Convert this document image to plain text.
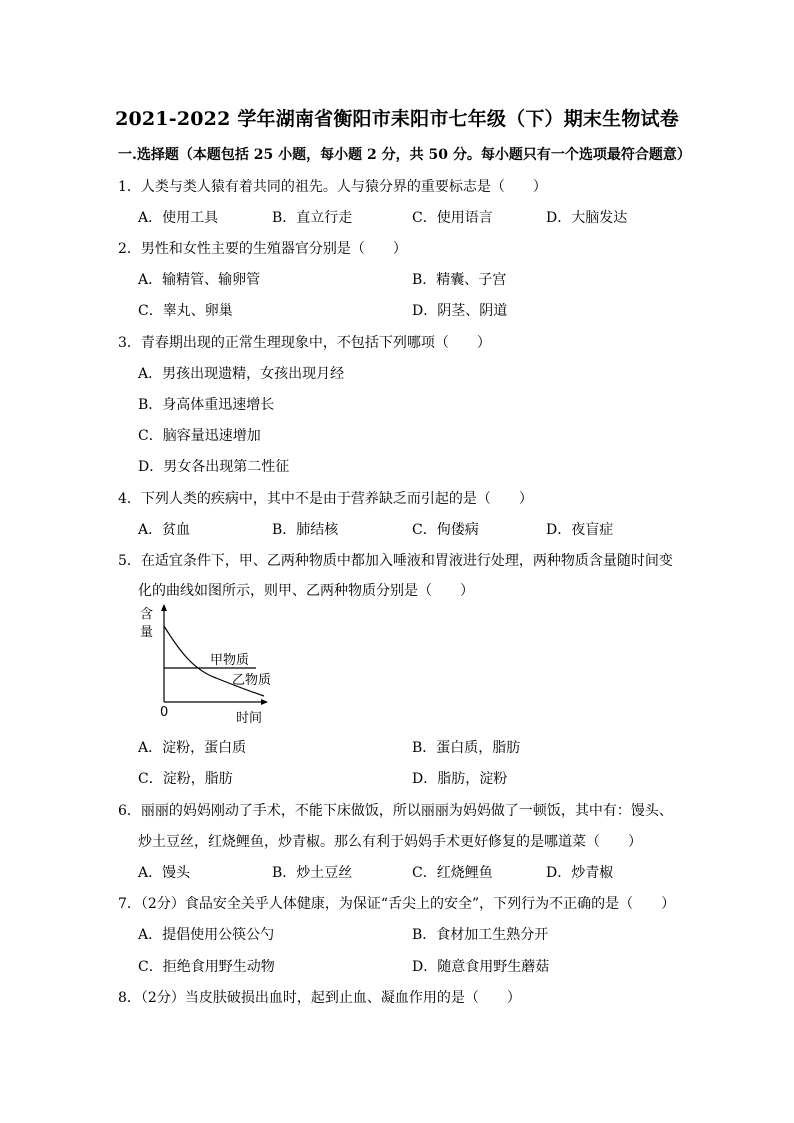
2021-2022 学年湖南省衡阳市耒阳市七年级（下）期末生物试卷
一.选择题（本题包括 25 小题，每小题 2 分，共 50 分。每小题只有一个选项最符合题意）
1．人类与类人猿有着共同的祖先。人与猿分界的重要标志是（　　）
A．使用工具	B．直立行走	C．使用语言	D．大脑发达
2．男性和女性主要的生殖器官分别是（　　）
A．输精管、输卵管	B．精囊、子宫
C．睾丸、卵巢	D．阴茎、阴道
3．青春期出现的正常生理现象中，不包括下列哪项（　　）
A．男孩出现遗精，女孩出现月经
B．身高体重迅速增长
C．脑容量迅速增加
D．男女各出现第二性征
4．下列人类的疾病中，其中不是由于营养缺乏而引起的是（　　）
A．贫血	B．肺结核	C．佝偻病	D．夜盲症
5．在适宜条件下，甲、乙两种物质中都加入唾液和胃液进行处理，两种物质含量随时间变
化的曲线如图所示，则甲、乙两种物质分别是（　　）
含
量
甲物质
乙物质
0	时间
A．淀粉，蛋白质	B．蛋白质，脂肪
C．淀粉，脂肪	D．脂肪，淀粉
6．丽丽的妈妈刚动了手术，不能下床做饭，所以丽丽为妈妈做了一顿饭，其中有：馒头、
炒土豆丝，红烧鲤鱼，炒青椒。那么有利于妈妈手术更好修复的是哪道菜（　　）
A．馒头	B．炒土豆丝	C．红烧鲤鱼	D．炒青椒
7．（2分）食品安全关乎人体健康，为保证“舌尖上的安全”，下列行为不正确的是（　　）
A．提倡使用公筷公勺	B．食材加工生熟分开
C．拒绝食用野生动物	D．随意食用野生蘑菇
8．（2分）当皮肤破损出血时，起到止血、凝血作用的是（　　）
